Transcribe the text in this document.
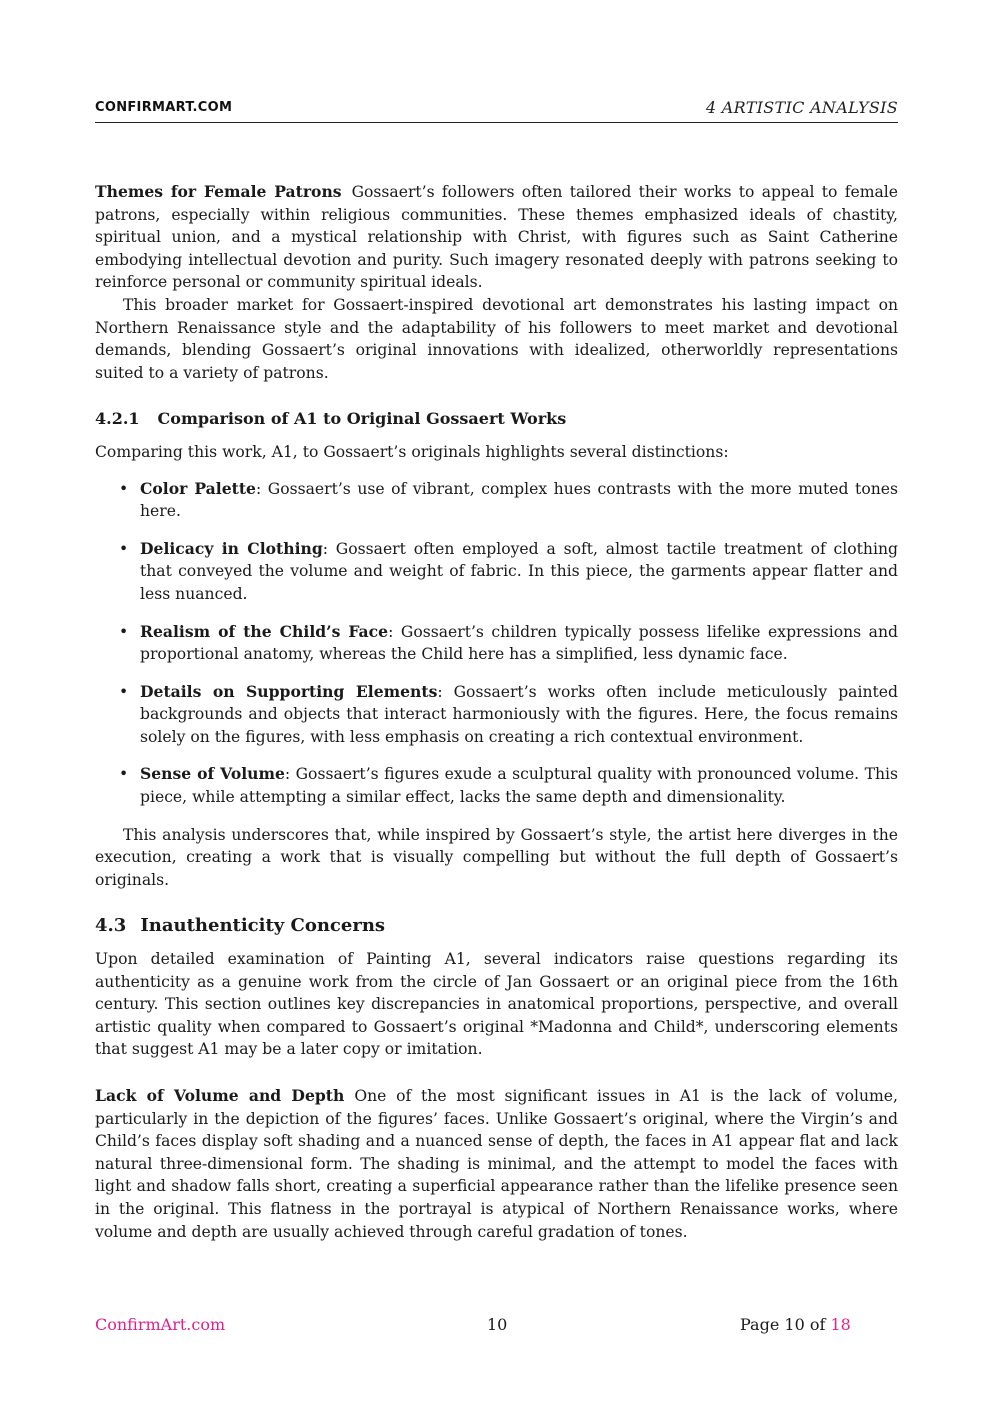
CONFIRMART.COM	4 ARTISTIC ANALYSIS

Themes for Female Patrons Gossaert’s followers often tailored their works to appeal to female patrons, especially within religious communities. These themes emphasized ideals of chastity, spiritual union, and a mystical relationship with Christ, with figures such as Saint Catherine embodying intellectual devotion and purity. Such imagery resonated deeply with patrons seeking to reinforce personal or community spiritual ideals.

This broader market for Gossaert-inspired devotional art demonstrates his lasting impact on Northern Renaissance style and the adaptability of his followers to meet market and devotional demands, blending Gossaert’s original innovations with idealized, otherworldly representations suited to a variety of patrons.

4.2.1 Comparison of A1 to Original Gossaert Works

Comparing this work, A1, to Gossaert’s originals highlights several distinctions:

• Color Palette: Gossaert’s use of vibrant, complex hues contrasts with the more muted tones here.
• Delicacy in Clothing: Gossaert often employed a soft, almost tactile treatment of clothing that conveyed the volume and weight of fabric. In this piece, the garments appear flatter and less nuanced.
• Realism of the Child’s Face: Gossaert’s children typically possess lifelike expressions and proportional anatomy, whereas the Child here has a simplified, less dynamic face.
• Details on Supporting Elements: Gossaert’s works often include meticulously painted backgrounds and objects that interact harmoniously with the figures. Here, the focus remains solely on the figures, with less emphasis on creating a rich contextual environment.
• Sense of Volume: Gossaert’s figures exude a sculptural quality with pronounced volume. This piece, while attempting a similar effect, lacks the same depth and dimensionality.

This analysis underscores that, while inspired by Gossaert’s style, the artist here diverges in the execution, creating a work that is visually compelling but without the full depth of Gossaert’s originals.

4.3 Inauthenticity Concerns

Upon detailed examination of Painting A1, several indicators raise questions regarding its authenticity as a genuine work from the circle of Jan Gossaert or an original piece from the 16th century. This section outlines key discrepancies in anatomical proportions, perspective, and overall artistic quality when compared to Gossaert’s original *Madonna and Child*, underscoring elements that suggest A1 may be a later copy or imitation.

Lack of Volume and Depth One of the most significant issues in A1 is the lack of volume, particularly in the depiction of the figures’ faces. Unlike Gossaert’s original, where the Virgin’s and Child’s faces display soft shading and a nuanced sense of depth, the faces in A1 appear flat and lack natural three-dimensional form. The shading is minimal, and the attempt to model the faces with light and shadow falls short, creating a superficial appearance rather than the lifelike presence seen in the original. This flatness in the portrayal is atypical of Northern Renaissance works, where volume and depth are usually achieved through careful gradation of tones.

ConfirmArt.com	10	Page 10 of 18
